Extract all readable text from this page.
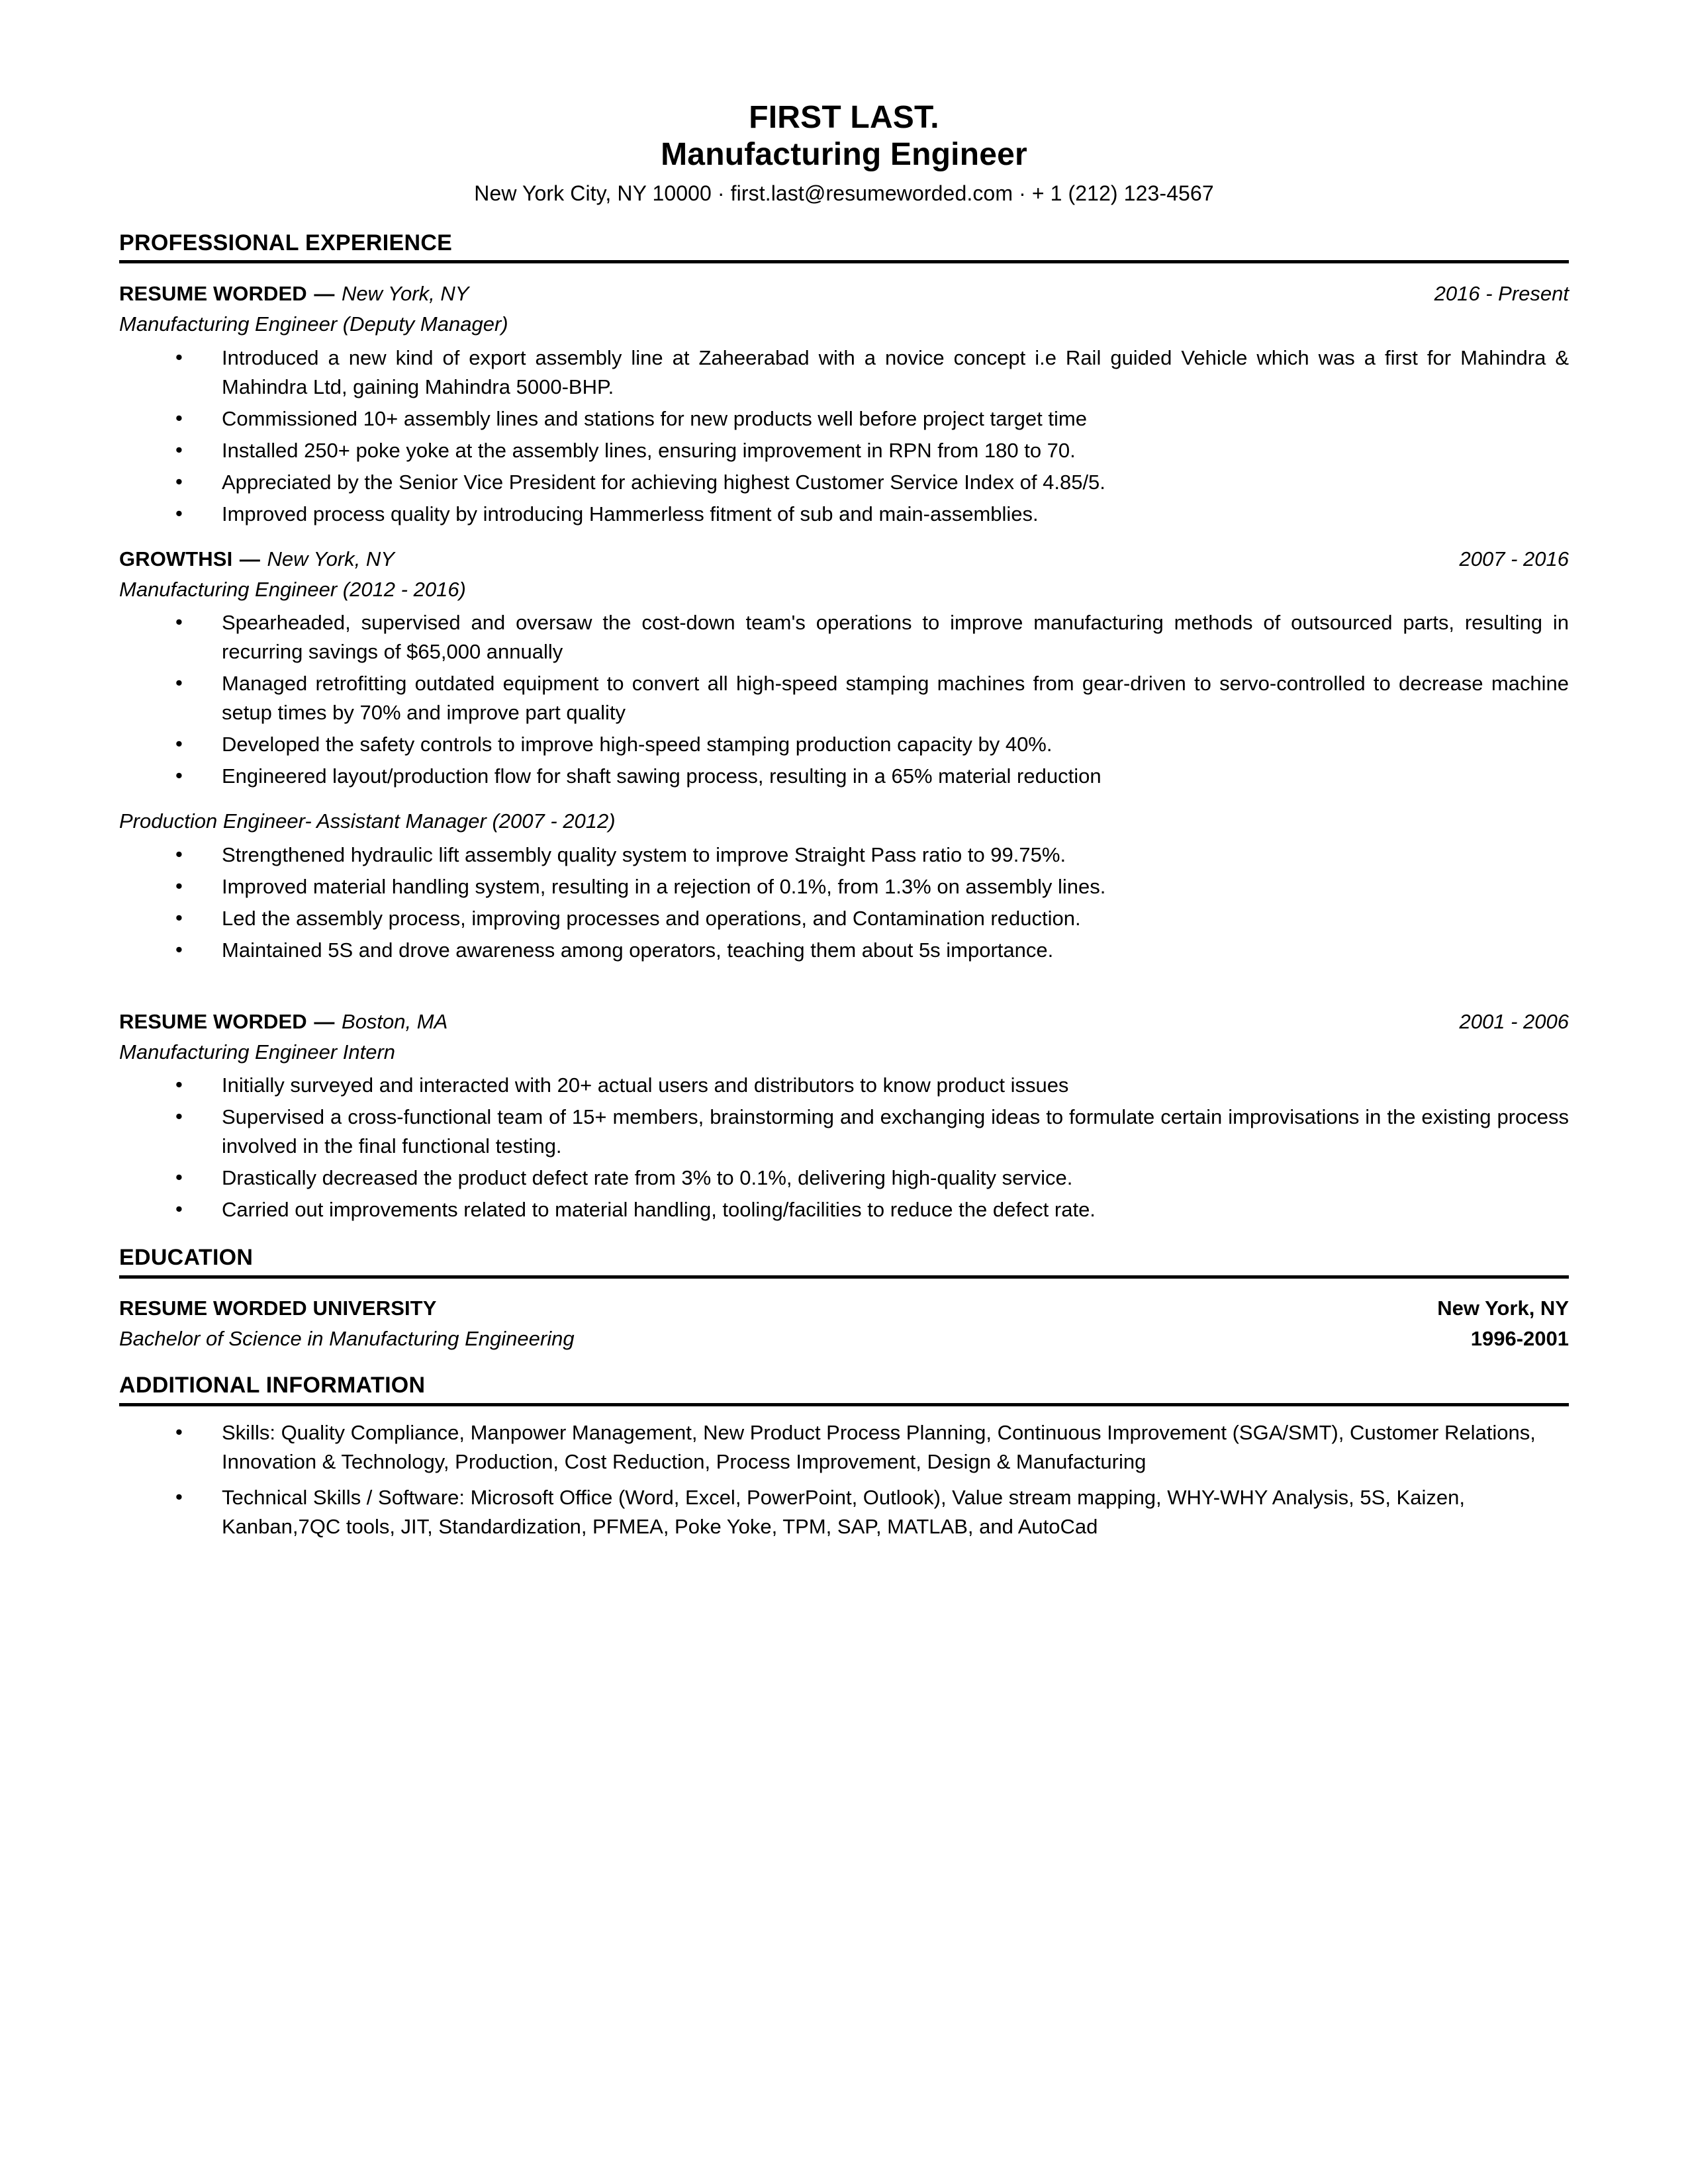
FIRST LAST.
Manufacturing Engineer
New York City, NY 10000 · first.last@resumeworded.com · + 1 (212) 123-4567
PROFESSIONAL EXPERIENCE
RESUME WORDED — New York, NY	2016 - Present
Manufacturing Engineer (Deputy Manager)
• Introduced a new kind of export assembly line at Zaheerabad with a novice concept i.e Rail guided Vehicle which was a first for Mahindra & Mahindra Ltd, gaining Mahindra 5000-BHP.
• Commissioned 10+ assembly lines and stations for new products well before project target time
• Installed 250+ poke yoke at the assembly lines, ensuring improvement in RPN from 180 to 70.
• Appreciated by the Senior Vice President for achieving highest Customer Service Index of 4.85/5.
• Improved process quality by introducing Hammerless fitment of sub and main-assemblies.
GROWTHSI — New York, NY	2007 - 2016
Manufacturing Engineer (2012 - 2016)
• Spearheaded, supervised and oversaw the cost-down team's operations to improve manufacturing methods of outsourced parts, resulting in recurring savings of $65,000 annually
• Managed retrofitting outdated equipment to convert all high-speed stamping machines from gear-driven to servo-controlled to decrease machine setup times by 70% and improve part quality
• Developed the safety controls to improve high-speed stamping production capacity by 40%.
• Engineered layout/production flow for shaft sawing process, resulting in a 65% material reduction
Production Engineer- Assistant Manager (2007 - 2012)
• Strengthened hydraulic lift assembly quality system to improve Straight Pass ratio to 99.75%.
• Improved material handling system, resulting in a rejection of 0.1%, from 1.3% on assembly lines.
• Led the assembly process, improving processes and operations, and Contamination reduction.
• Maintained 5S and drove awareness among operators, teaching them about 5s importance.
RESUME WORDED — Boston, MA	2001 - 2006
Manufacturing Engineer Intern
• Initially surveyed and interacted with 20+ actual users and distributors to know product issues
• Supervised a cross-functional team of 15+ members, brainstorming and exchanging ideas to formulate certain improvisations in the existing process involved in the final functional testing.
• Drastically decreased the product defect rate from 3% to 0.1%, delivering high-quality service.
• Carried out improvements related to material handling, tooling/facilities to reduce the defect rate.
EDUCATION
RESUME WORDED UNIVERSITY	New York, NY
Bachelor of Science in Manufacturing Engineering	1996-2001
ADDITIONAL INFORMATION
• Skills: Quality Compliance, Manpower Management, New Product Process Planning, Continuous Improvement (SGA/SMT), Customer Relations, Innovation & Technology, Production, Cost Reduction, Process Improvement, Design & Manufacturing
• Technical Skills / Software: Microsoft Office (Word, Excel, PowerPoint, Outlook), Value stream mapping, WHY-WHY Analysis, 5S, Kaizen, Kanban,7QC tools, JIT, Standardization, PFMEA, Poke Yoke, TPM, SAP, MATLAB, and AutoCad
